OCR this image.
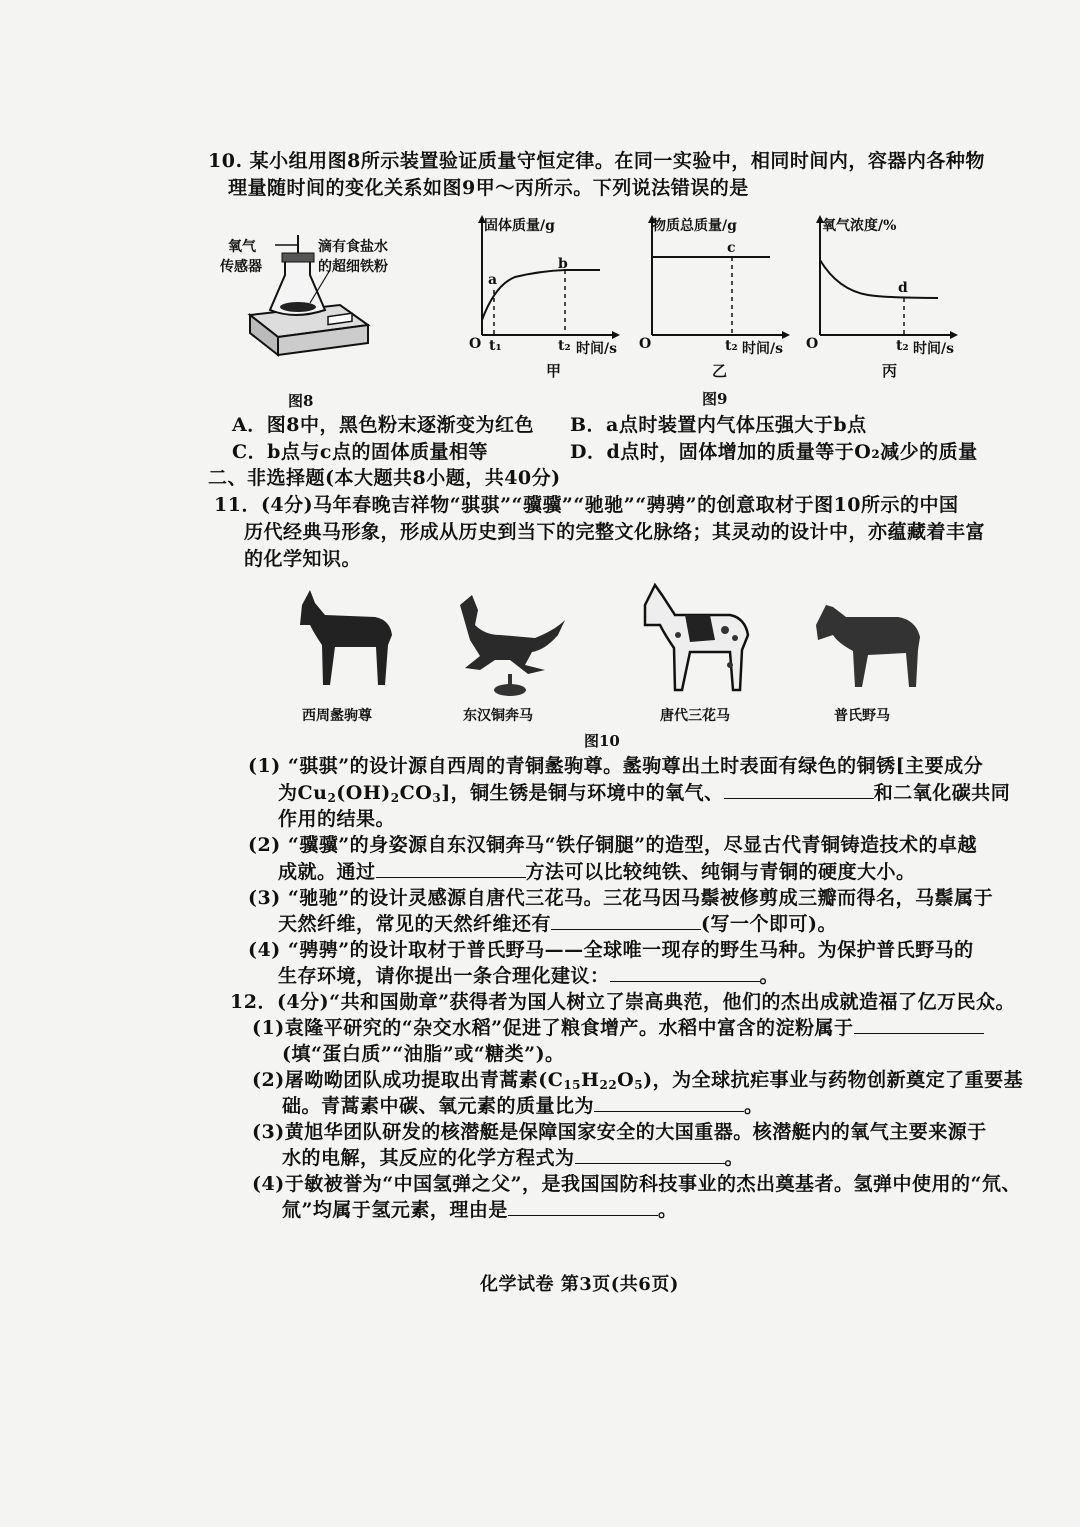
10. 某小组用图8所示装置验证质量守恒定律。在同一实验中，相同时间内，容器内各种物
理量随时间的变化关系如图9甲～丙所示。下列说法错误的是
氧气
传感器
滴有食盐水
的超细铁粉
图8
固体质量/g
a
b
O t₁	t₂ 时间/s
甲
物质总质量/g
c
O	t₂ 时间/s
乙
氧气浓度/%
d
O	t₂ 时间/s
丙
图9
A．图8中，黑色粉末逐渐变为红色 B．a点时装置内气体压强大于b点
C．b点与c点的固体质量相等	D．d点时，固体增加的质量等于O₂减少的质量
二、非选择题(本大题共8小题，共40分)
11．(4分)马年春晚吉祥物“骐骐”“骥骥”“驰驰”“骋骋”的创意取材于图10所示的中国
历代经典马形象，形成从历史到当下的完整文化脉络；其灵动的设计中，亦蕴藏着丰富
的化学知识。
西周盠驹尊	东汉铜奔马	唐代三花马	普氏野马
图10
(1) “骐骐”的设计源自西周的青铜盠驹尊。盠驹尊出土时表面有绿色的铜锈[主要成分
为$Cu_2(OH)_2CO_3$]，铜生锈是铜与环境中的氧气、	和二氧化碳共同
作用的结果。
(2) “骥骥”的身姿源自东汉铜奔马“铁仔铜腿”的造型，尽显古代青铜铸造技术的卓越
成就。通过	方法可以比较纯铁、纯铜与青铜的硬度大小。
(3) “驰驰”的设计灵感源自唐代三花马。三花马因马鬃被修剪成三瓣而得名，马鬃属于
天然纤维，常见的天然纤维还有	(写一个即可)。
(4) “骋骋”的设计取材于普氏野马——全球唯一现存的野生马种。为保护普氏野马的
生存环境，请你提出一条合理化建议：	。
12．(4分)“共和国勋章”获得者为国人树立了崇高典范，他们的杰出成就造福了亿万民众。
(1)袁隆平研究的“杂交水稻”促进了粮食增产。水稻中富含的淀粉属于
(填“蛋白质”“油脂”或“糖类”)。
(2)屠呦呦团队成功提取出青蒿素$(C_{15}H_{22}O_5)$，为全球抗疟事业与药物创新奠定了重要基
础。青蒿素中碳、氧元素的质量比为	。
(3)黄旭华团队研发的核潜艇是保障国家安全的大国重器。核潜艇内的氧气主要来源于
水的电解，其反应的化学方程式为	。
(4)于敏被誉为“中国氢弹之父”，是我国国防科技事业的杰出奠基者。氢弹中使用的“氘、
氚”均属于氢元素，理由是	。
化学试卷 第3页(共6页)
